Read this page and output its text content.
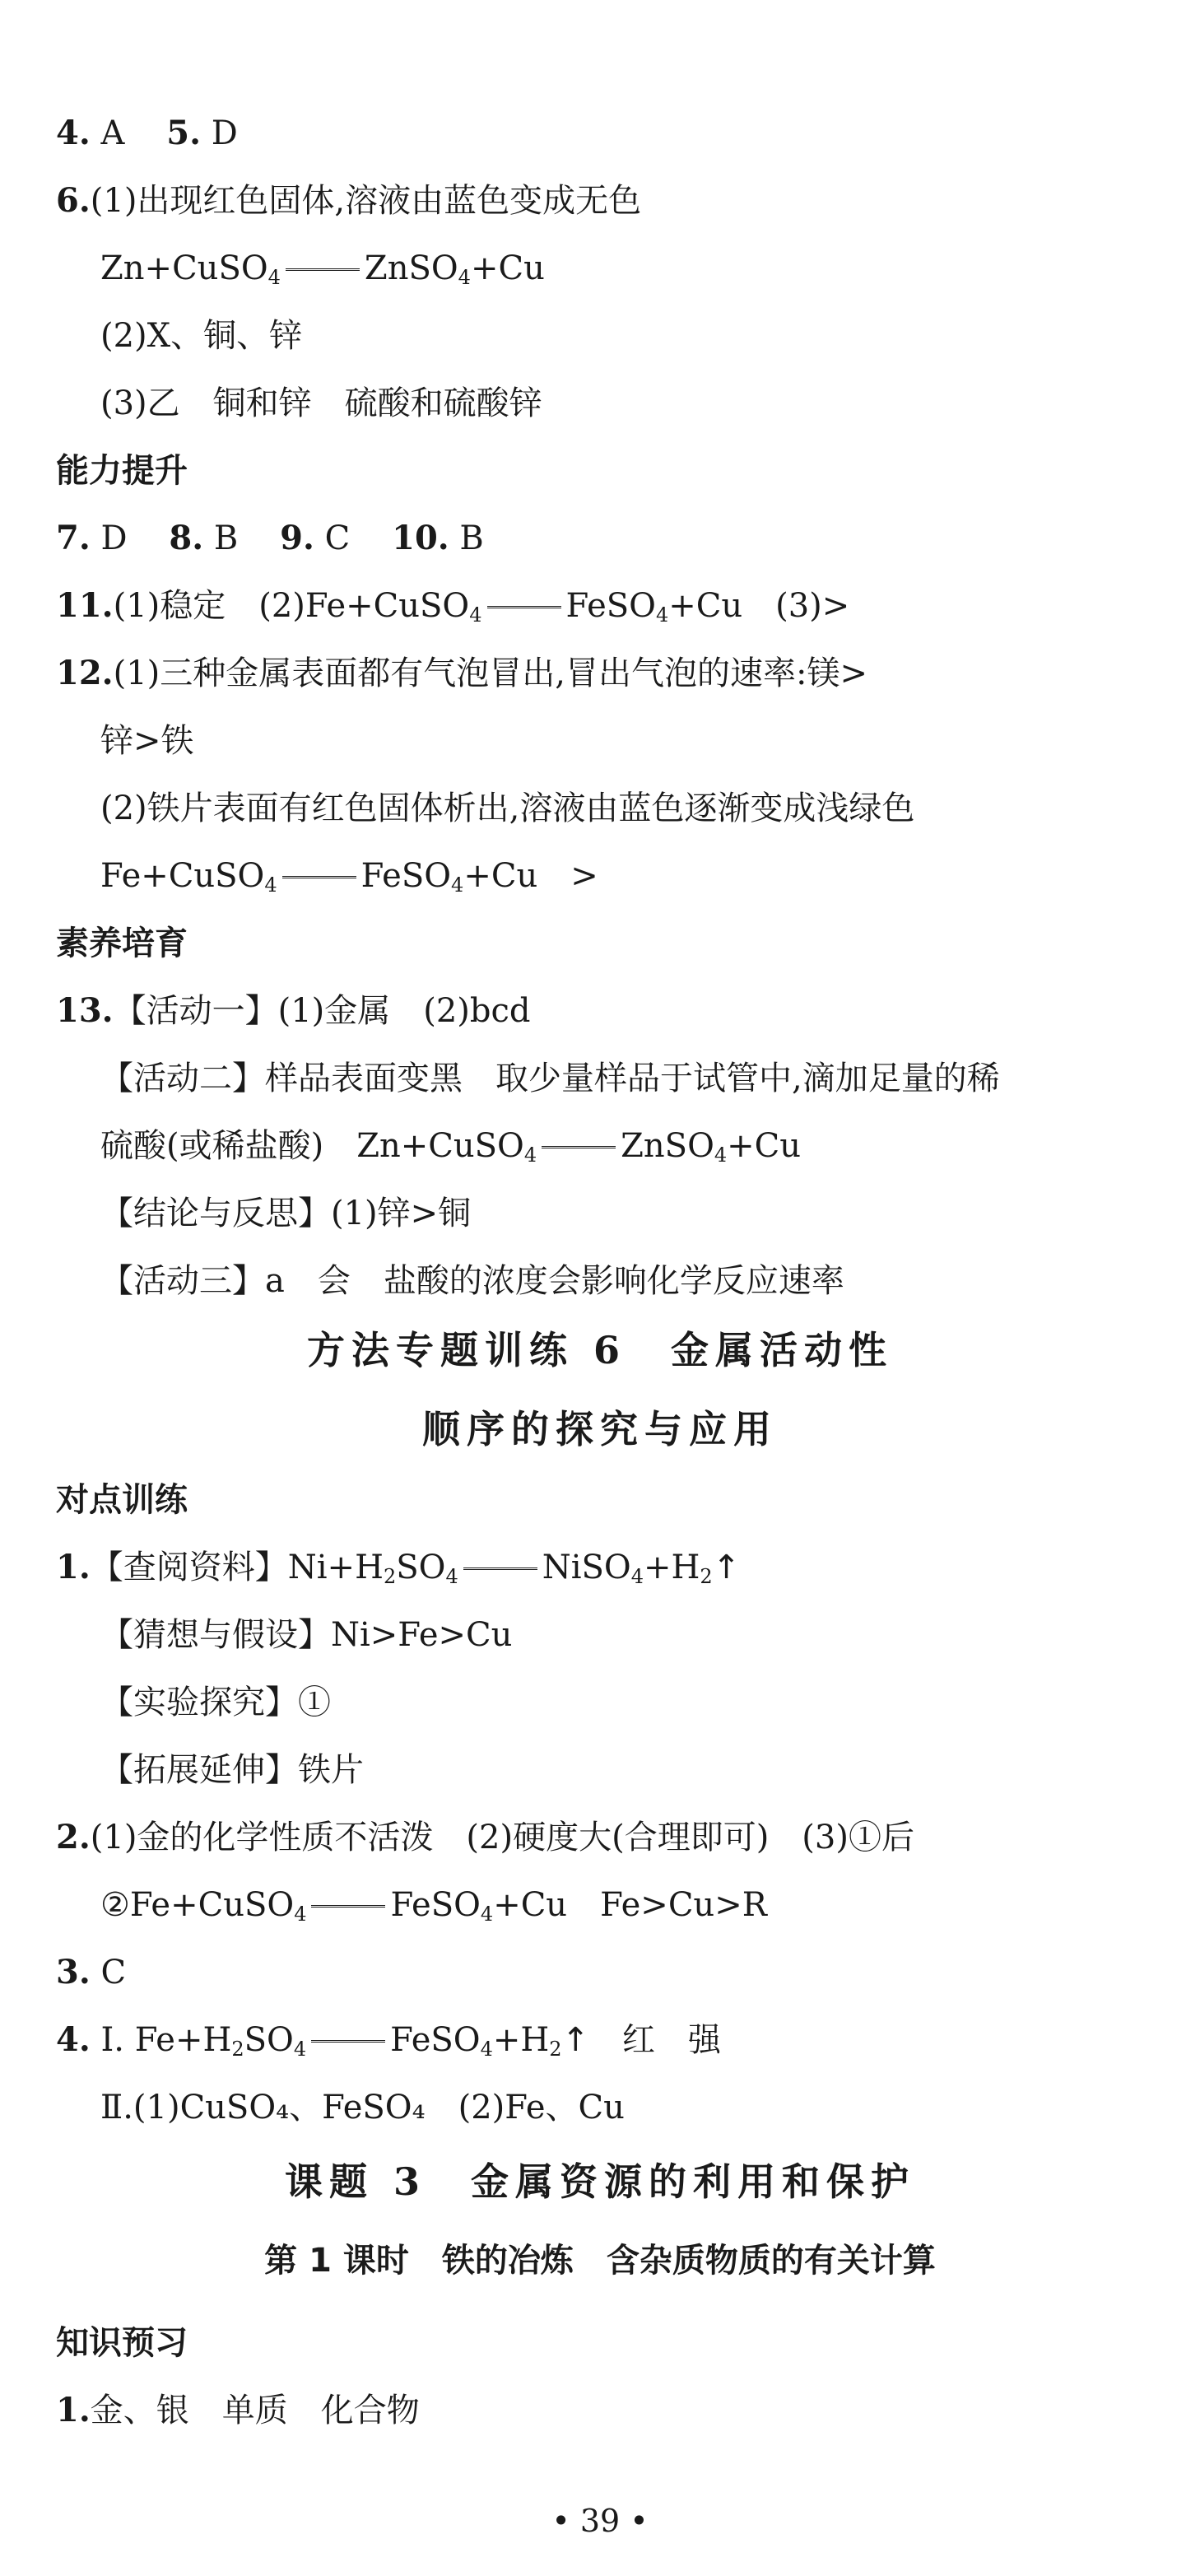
4. A 5. D
6.(1)出现红色固体,溶液由蓝色变成无色
Zn+CuSO$_4$	ZnSO$_4$+Cu
(2)X、铜、锌
(3)乙　铜和锌　硫酸和硫酸锌
能力提升
7. D 8. B 9. C 10. B
11.(1)稳定　(2)Fe+CuSO$_4$	FeSO$_4$+Cu　(3)>
12.(1)三种金属表面都有气泡冒出,冒出气泡的速率:镁>
锌>铁
(2)铁片表面有红色固体析出,溶液由蓝色逐渐变成浅绿色
Fe+CuSO$_4$	FeSO$_4$+Cu　>
素养培育
13.【活动一】(1)金属　(2)bcd
【活动二】样品表面变黑　取少量样品于试管中,滴加足量的稀
硫酸(或稀盐酸)　Zn+CuSO$_4$	ZnSO$_4$+Cu
【结论与反思】(1)锌>铜
【活动三】a　会　盐酸的浓度会影响化学反应速率
方法专题训练 6　金属活动性
顺序的探究与应用
对点训练
1.【查阅资料】$Ni+H_2SO_4$	$NiSO_4+H_2↑$
【猜想与假设】Ni>Fe>Cu
【实验探究】①
【拓展延伸】铁片
2.(1)金的化学性质不活泼　(2)硬度大(合理即可)　(3)①后
②Fe+CuSO$_4$	FeSO$_4$+Cu　Fe>Cu>R
3. C
4. Ⅰ. $Fe+H_2SO_4$	$FeSO_4+H_2↑$　红　强
Ⅱ.(1)CuSO₄、FeSO₄　(2)Fe、Cu
课题 3　金属资源的利用和保护
第 1 课时　铁的冶炼　含杂质物质的有关计算
知识预习
1.金、银　单质　化合物
• 39 •
